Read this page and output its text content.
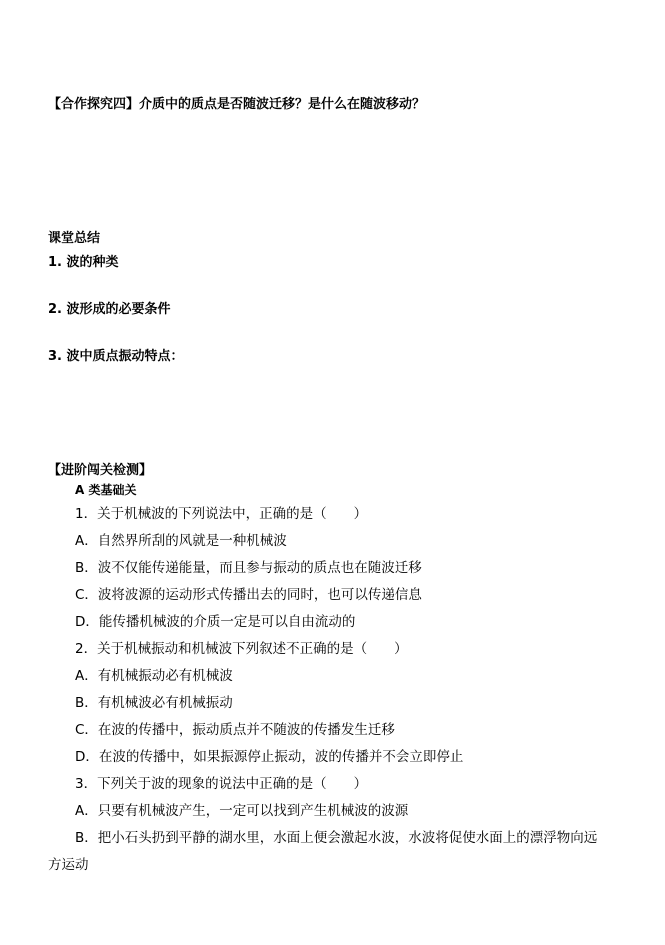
【合作探究四】介质中的质点是否随波迁移？是什么在随波移动？
课堂总结
1. 波的种类
2. 波形成的必要条件
3. 波中质点振动特点：
【进阶闯关检测】
A 类基础关
1．关于机械波的下列说法中，正确的是（　　）
A．自然界所刮的风就是一种机械波
B．波不仅能传递能量，而且参与振动的质点也在随波迁移
C．波将波源的运动形式传播出去的同时，也可以传递信息
D．能传播机械波的介质一定是可以自由流动的
2．关于机械振动和机械波下列叙述不正确的是（　　）
A．有机械振动必有机械波
B．有机械波必有机械振动
C．在波的传播中，振动质点并不随波的传播发生迁移
D．在波的传播中，如果振源停止振动，波的传播并不会立即停止
3．下列关于波的现象的说法中正确的是（　　）
A．只要有机械波产生，一定可以找到产生机械波的波源
B．把小石头扔到平静的湖水里，水面上便会激起水波，水波将促使水面上的漂浮物向远
方运动
